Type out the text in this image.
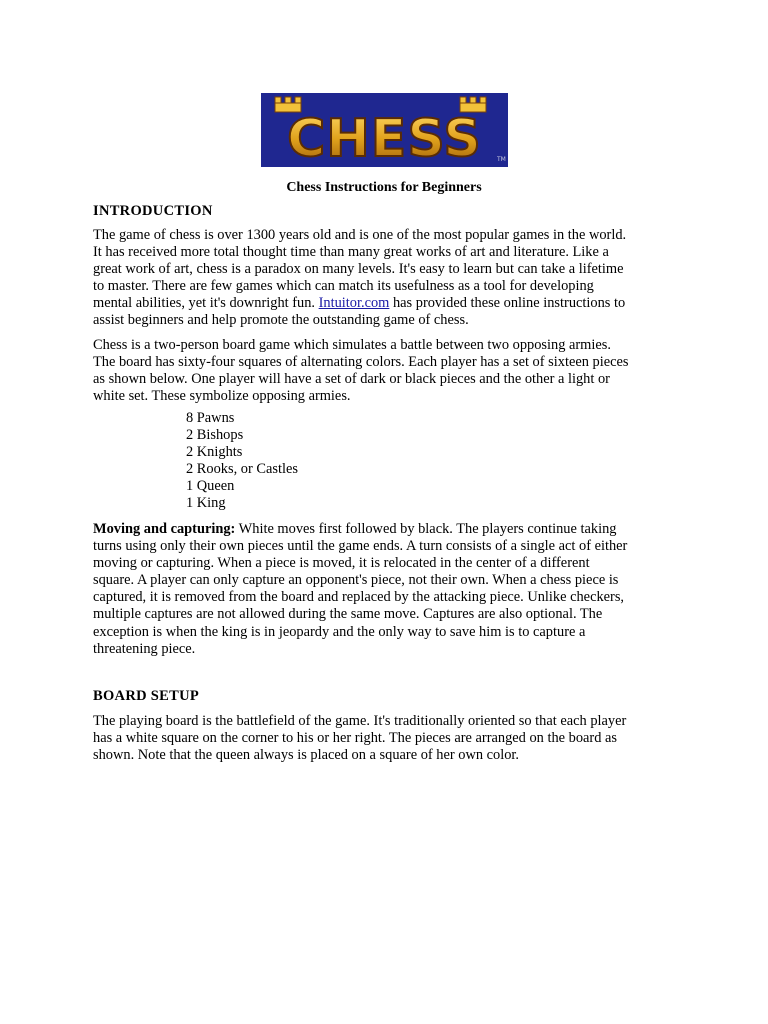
CHESS	TM
Chess Instructions for Beginners
INTRODUCTION
The game of chess is over 1300 years old and is one of the most popular games in the world.
It has received more total thought time than many great works of art and literature. Like a
great work of art, chess is a paradox on many levels. It's easy to learn but can take a lifetime
to master. There are few games which can match its usefulness as a tool for developing
mental abilities, yet it's downright fun. Intuitor.com has provided these online instructions to
assist beginners and help promote the outstanding game of chess.
Chess is a two-person board game which simulates a battle between two opposing armies.
The board has sixty-four squares of alternating colors. Each player has a set of sixteen pieces
as shown below. One player will have a set of dark or black pieces and the other a light or
white set. These symbolize opposing armies.
8 Pawns
2 Bishops
2 Knights
2 Rooks, or Castles
1 Queen
1 King
Moving and capturing: White moves first followed by black. The players continue taking
turns using only their own pieces until the game ends. A turn consists of a single act of either
moving or capturing. When a piece is moved, it is relocated in the center of a different
square. A player can only capture an opponent's piece, not their own. When a chess piece is
captured, it is removed from the board and replaced by the attacking piece. Unlike checkers,
multiple captures are not allowed during the same move. Captures are also optional. The
exception is when the king is in jeopardy and the only way to save him is to capture a
threatening piece.
BOARD SETUP
The playing board is the battlefield of the game. It's traditionally oriented so that each player
has a white square on the corner to his or her right. The pieces are arranged on the board as
shown. Note that the queen always is placed on a square of her own color.
